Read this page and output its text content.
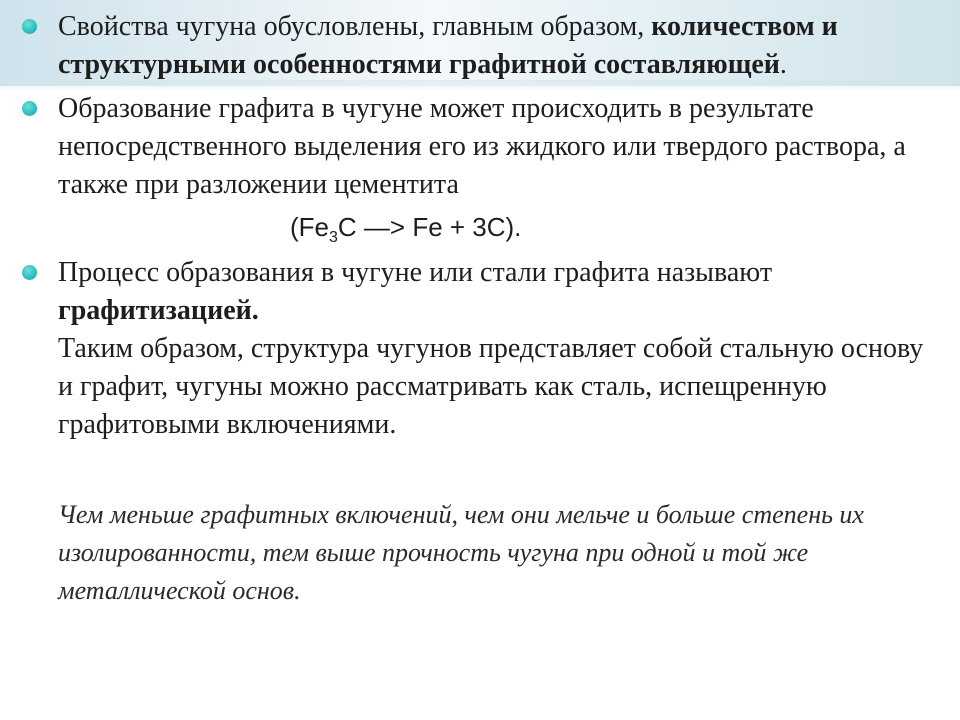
Свойства чугуна обусловлены, главным образом, количеством и структурными особенностями графитной составляющей.
Образование графита в чугуне может происходить в результате непосредственного выделения его из жидкого или твердого раствора, а также при разложении цементита
($Fe_3C$ —> Fe + 3C).
Процесс образования в чугуне или стали графита называют графитизацией.
Таким образом, структура чугунов представляет собой стальную основу и графит, чугуны можно рассматривать как сталь, испещренную графитовыми включениями.
Чем меньше графитных включений, чем они мельче и больше степень их изолированности, тем выше прочность чугуна при одной и той же металлической основ.
